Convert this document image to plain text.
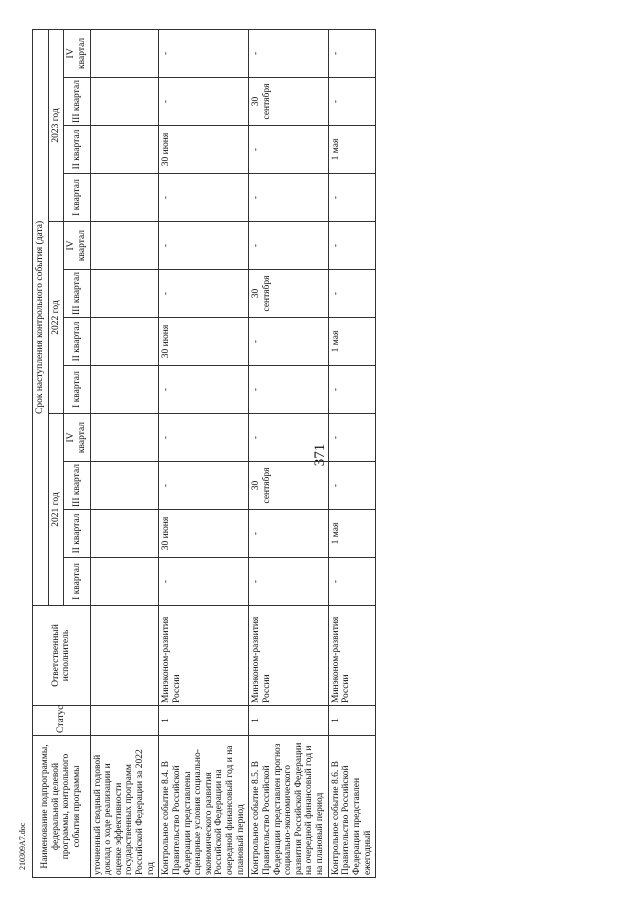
371
Наименование подпрограммы, федеральной целевой программы, контрольного события программы	Статус	Ответственный исполнитель	Срок наступления контрольного события (дата)											
			2021 год				2022 год				2023 год			
			I квартал	II квартал	III квартал	IV квартал	I квартал	II квартал	III квартал	IV квартал	I квартал	II квартал	III квартал	IV квартал
уточненный сводный годовой доклад о ходе реализации и оценке эффективности государственных программ Российской Федерации за 2022 год														
Контрольное событие 8.4. В Правительство Российской Федерации представлены сценарные условия социально-экономического развития Российской Федерации на очередной финансовый год и на плановый период	1	Минэконом-развития России	-	30 июня	-	-	-	30 июня	-	-	-	30 июня	-	-
Контрольное событие 8.5. В Правительство Российской Федерации представлен прогноз социально-экономического развития Российской Федерации на очередной финансовый год и на плановый период	1	Минэконом-развития России	-	-	30 сентября	-	-	-	30 сентября	-	-	-	30 сентября	-
Контрольное событие 8.6. В Правительство Российской Федерации представлен ежегодный	1	Минэконом-развития России	-	1 мая	-	-	-	1 мая	-	-	-	1 мая	-	-
210309А7.doc
